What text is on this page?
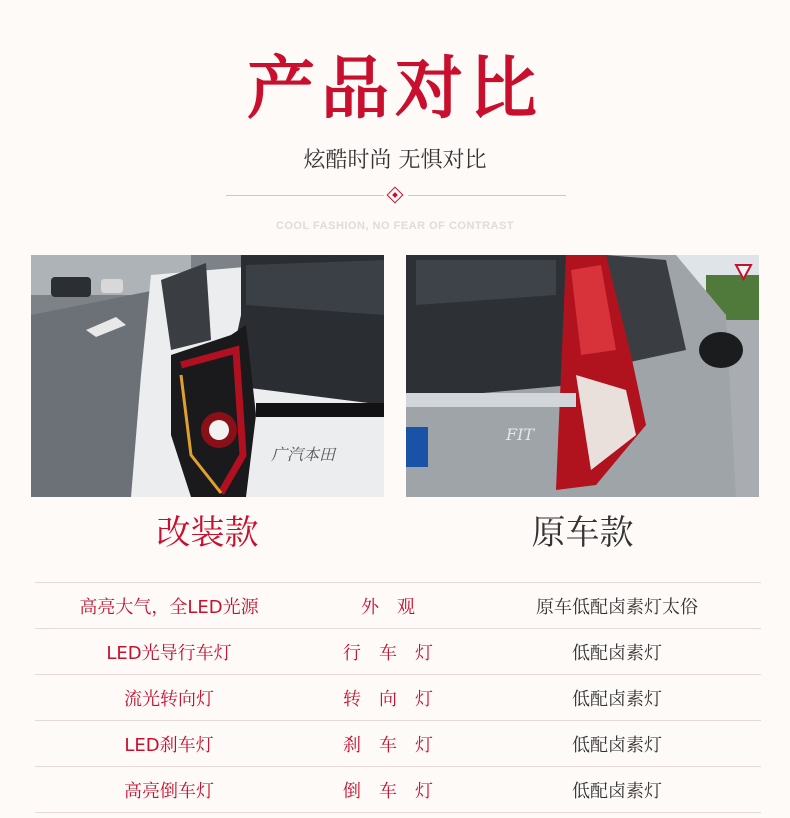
产品对比
炫酷时尚 无惧对比
COOL FASHION, NO FEAR OF CONTRAST
广汽本田
FIT
改装款	原车款
高亮大气，全LED光源	外　观	原车低配卤素灯太俗
LED光导行车灯	行　车　灯	低配卤素灯
流光转向灯	转　向　灯	低配卤素灯
LED刹车灯	刹　车　灯	低配卤素灯
高亮倒车灯	倒　车　灯	低配卤素灯
